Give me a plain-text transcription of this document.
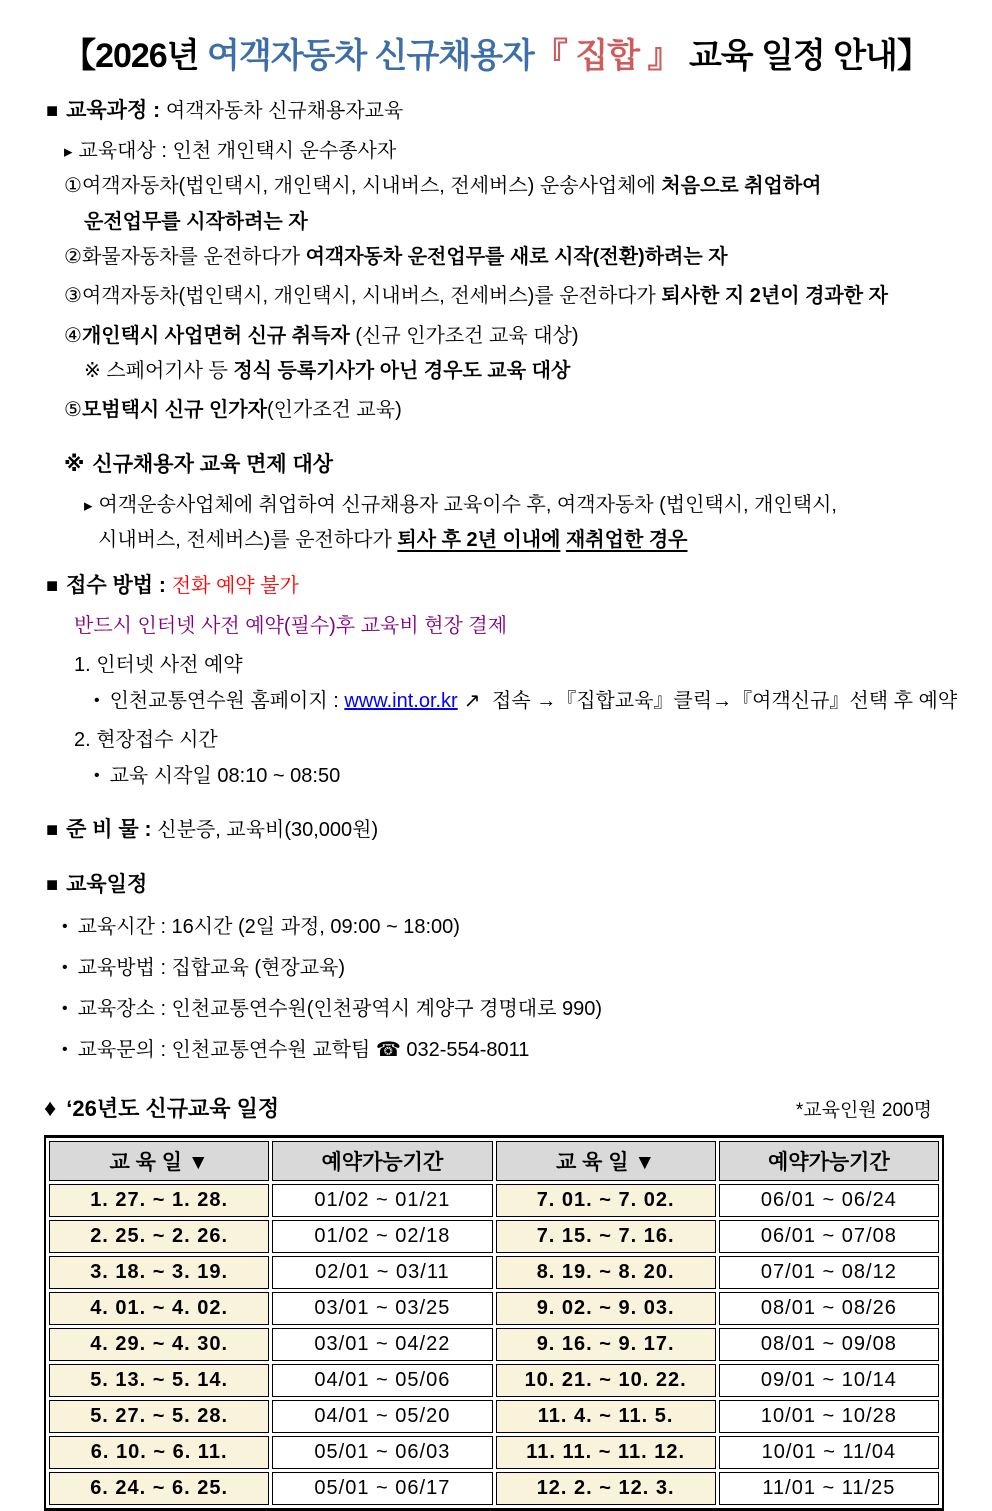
【2026년 여객자동차 신규채용자『 집합 』 교육 일정 안내】
■ 교육과정 : 여객자동차 신규채용자교육
▸ 교육대상 : 인천 개인택시 운수종사자
①여객자동차(법인택시, 개인택시, 시내버스, 전세버스) 운송사업체에 처음으로 취업하여
운전업무를 시작하려는 자
②화물자동차를 운전하다가 여객자동차 운전업무를 새로 시작(전환)하려는 자
③여객자동차(법인택시, 개인택시, 시내버스, 전세버스)를 운전하다가 퇴사한 지 2년이 경과한 자
④개인택시 사업면허 신규 취득자 (신규 인가조건 교육 대상)
※ 스페어기사 등 정식 등록기사가 아닌 경우도 교육 대상
⑤모범택시 신규 인가자(인가조건 교육)
※ 신규채용자 교육 면제 대상
▸ 여객운송사업체에 취업하여 신규채용자 교육이수 후, 여객자동차 (법인택시, 개인택시,
시내버스, 전세버스)를 운전하다가 퇴사 후 2년 이내에 재취업한 경우
■ 접수 방법 : 전화 예약 불가
반드시 인터넷 사전 예약(필수)후 교육비 현장 결제
1. 인터넷 사전 예약
• 인천교통연수원 홈페이지 : www.int.or.kr ↗ 접속 →『집합교육』클릭→『여객신규』선택 후 예약
2. 현장접수 시간
• 교육 시작일 08:10 ~ 08:50
■ 준 비 물 : 신분증, 교육비(30,000원)
■ 교육일정
• 교육시간 : 16시간 (2일 과정, 09:00 ~ 18:00)
• 교육방법 : 집합교육 (현장교육)
• 교육장소 : 인천교통연수원(인천광역시 계양구 경명대로 990)
• 교육문의 : 인천교통연수원 교학팀 ☎ 032-554-8011
♦ ‘26년도 신규교육 일정	*교육인원 200명
교 육 일 ▼	예약가능기간	교 육 일 ▼	예약가능기간
1. 27. ~ 1. 28.	01/02 ~ 01/21	7. 01. ~ 7. 02.	06/01 ~ 06/24
2. 25. ~ 2. 26.	01/02 ~ 02/18	7. 15. ~ 7. 16.	06/01 ~ 07/08
3. 18. ~ 3. 19.	02/01 ~ 03/11	8. 19. ~ 8. 20.	07/01 ~ 08/12
4. 01. ~ 4. 02.	03/01 ~ 03/25	9. 02. ~ 9. 03.	08/01 ~ 08/26
4. 29. ~ 4. 30.	03/01 ~ 04/22	9. 16. ~ 9. 17.	08/01 ~ 09/08
5. 13. ~ 5. 14.	04/01 ~ 05/06	10. 21. ~ 10. 22.	09/01 ~ 10/14
5. 27. ~ 5. 28.	04/01 ~ 05/20	11. 4. ~ 11. 5.	10/01 ~ 10/28
6. 10. ~ 6. 11.	05/01 ~ 06/03	11. 11. ~ 11. 12.	10/01 ~ 11/04
6. 24. ~ 6. 25.	05/01 ~ 06/17	12. 2. ~ 12. 3.	11/01 ~ 11/25
